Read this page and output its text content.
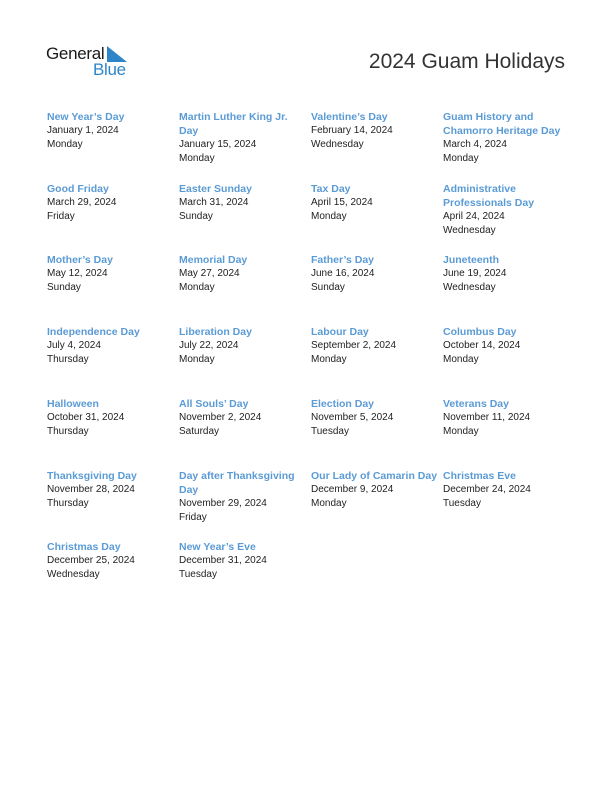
General
Blue	2024 Guam Holidays
New Year’s Day
January 1, 2024
Monday
Martin Luther King Jr. Day
January 15, 2024
Monday
Valentine’s Day
February 14, 2024
Wednesday
Guam History and Chamorro Heritage Day
March 4, 2024
Monday
Good Friday
March 29, 2024
Friday
Easter Sunday
March 31, 2024
Sunday
Tax Day
April 15, 2024
Monday
Administrative Professionals Day
April 24, 2024
Wednesday
Mother’s Day
May 12, 2024
Sunday
Memorial Day
May 27, 2024
Monday
Father’s Day
June 16, 2024
Sunday
Juneteenth
June 19, 2024
Wednesday
Independence Day
July 4, 2024
Thursday
Liberation Day
July 22, 2024
Monday
Labour Day
September 2, 2024
Monday
Columbus Day
October 14, 2024
Monday
Halloween
October 31, 2024
Thursday
All Souls’ Day
November 2, 2024
Saturday
Election Day
November 5, 2024
Tuesday
Veterans Day
November 11, 2024
Monday
Thanksgiving Day
November 28, 2024
Thursday
Day after Thanksgiving Day
November 29, 2024
Friday
Our Lady of Camarin Day
December 9, 2024
Monday
Christmas Eve
December 24, 2024
Tuesday
Christmas Day
December 25, 2024
Wednesday
New Year’s Eve
December 31, 2024
Tuesday
